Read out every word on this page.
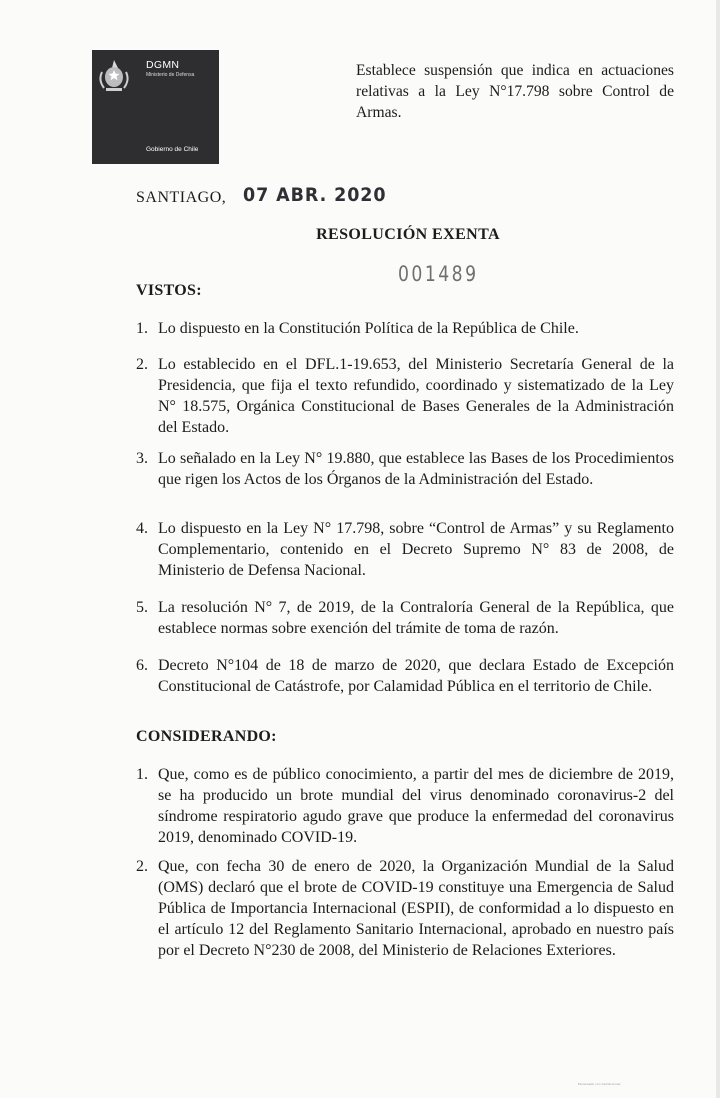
DGMN
Ministerio de Defensa
Gobierno de Chile

Establece suspensión que indica en actuaciones relativas a la Ley N°17.798 sobre Control de Armas.

SANTIAGO, 07 ABR. 2020
RESOLUCIÓN EXENTA
001489
VISTOS:
1. Lo dispuesto en la Constitución Política de la República de Chile.

2. Lo establecido en el DFL.1-19.653, del Ministerio Secretaría General de la Presidencia, que fija el texto refundido, coordinado y sistematizado de la Ley N° 18.575, Orgánica Constitucional de Bases Generales de la Administración del Estado.

3. Lo señalado en la Ley N° 19.880, que establece las Bases de los Procedimientos que rigen los Actos de los Órganos de la Administración del Estado.

4. Lo dispuesto en la Ley N° 17.798, sobre “Control de Armas” y su Reglamento Complementario, contenido en el Decreto Supremo N° 83 de 2008, de Ministerio de Defensa Nacional.

5. La resolución N° 7, de 2019, de la Contraloría General de la República, que establece normas sobre exención del trámite de toma de razón.

6. Decreto N°104 de 18 de marzo de 2020, que declara Estado de Excepción Constitucional de Catástrofe, por Calamidad Pública en el territorio de Chile.

CONSIDERANDO:
1. Que, como es de público conocimiento, a partir del mes de diciembre de 2019, se ha producido un brote mundial del virus denominado coronavirus-2 del síndrome respiratorio agudo grave que produce la enfermedad del coronavirus 2019, denominado COVID-19.

2. Que, con fecha 30 de enero de 2020, la Organización Mundial de la Salud (OMS) declaró que el brote de COVID-19 constituye una Emergencia de Salud Pública de Importancia Internacional (ESPII), de conformidad a lo dispuesto en el artículo 12 del Reglamento Sanitario Internacional, aprobado en nuestro país por el Decreto N°230 de 2008, del Ministerio de Relaciones Exteriores.

Escaneado con CamScanner
